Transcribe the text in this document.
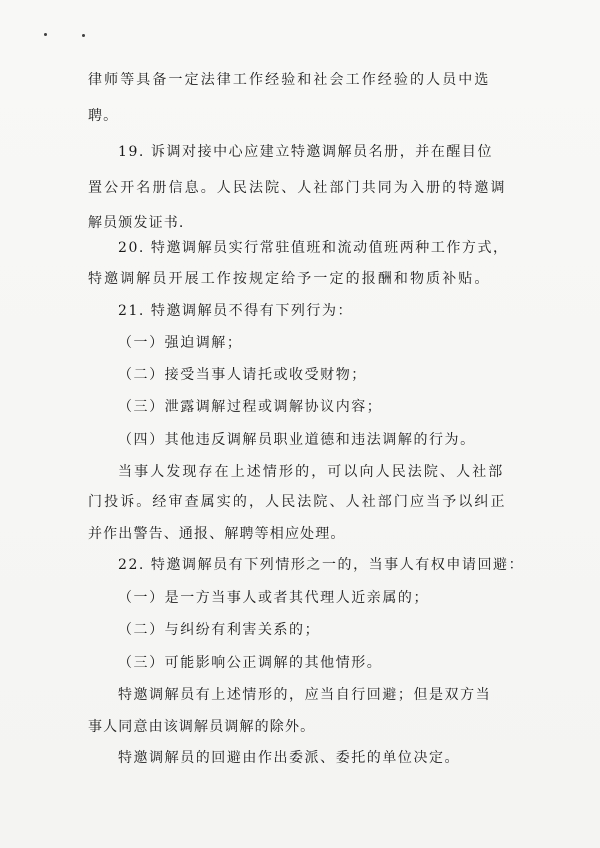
律师等具备一定法律工作经验和社会工作经验的人员中选
聘。
19. 诉调对接中心应建立特邀调解员名册，并在醒目位
置公开名册信息。人民法院、人社部门共同为入册的特邀调
解员颁发证书.
20. 特邀调解员实行常驻值班和流动值班两种工作方式，
特邀调解员开展工作按规定给予一定的报酬和物质补贴。
21. 特邀调解员不得有下列行为：
（一）强迫调解；
（二）接受当事人请托或收受财物；
（三）泄露调解过程或调解协议内容；
（四）其他违反调解员职业道德和违法调解的行为。
当事人发现存在上述情形的，可以向人民法院、人社部
门投诉。经审查属实的，人民法院、人社部门应当予以纠正
并作出警告、通报、解聘等相应处理。
22. 特邀调解员有下列情形之一的，当事人有权申请回避：
（一）是一方当事人或者其代理人近亲属的；
（二）与纠纷有利害关系的；
（三）可能影响公正调解的其他情形。
特邀调解员有上述情形的，应当自行回避；但是双方当
事人同意由该调解员调解的除外。
特邀调解员的回避由作出委派、委托的单位决定。
